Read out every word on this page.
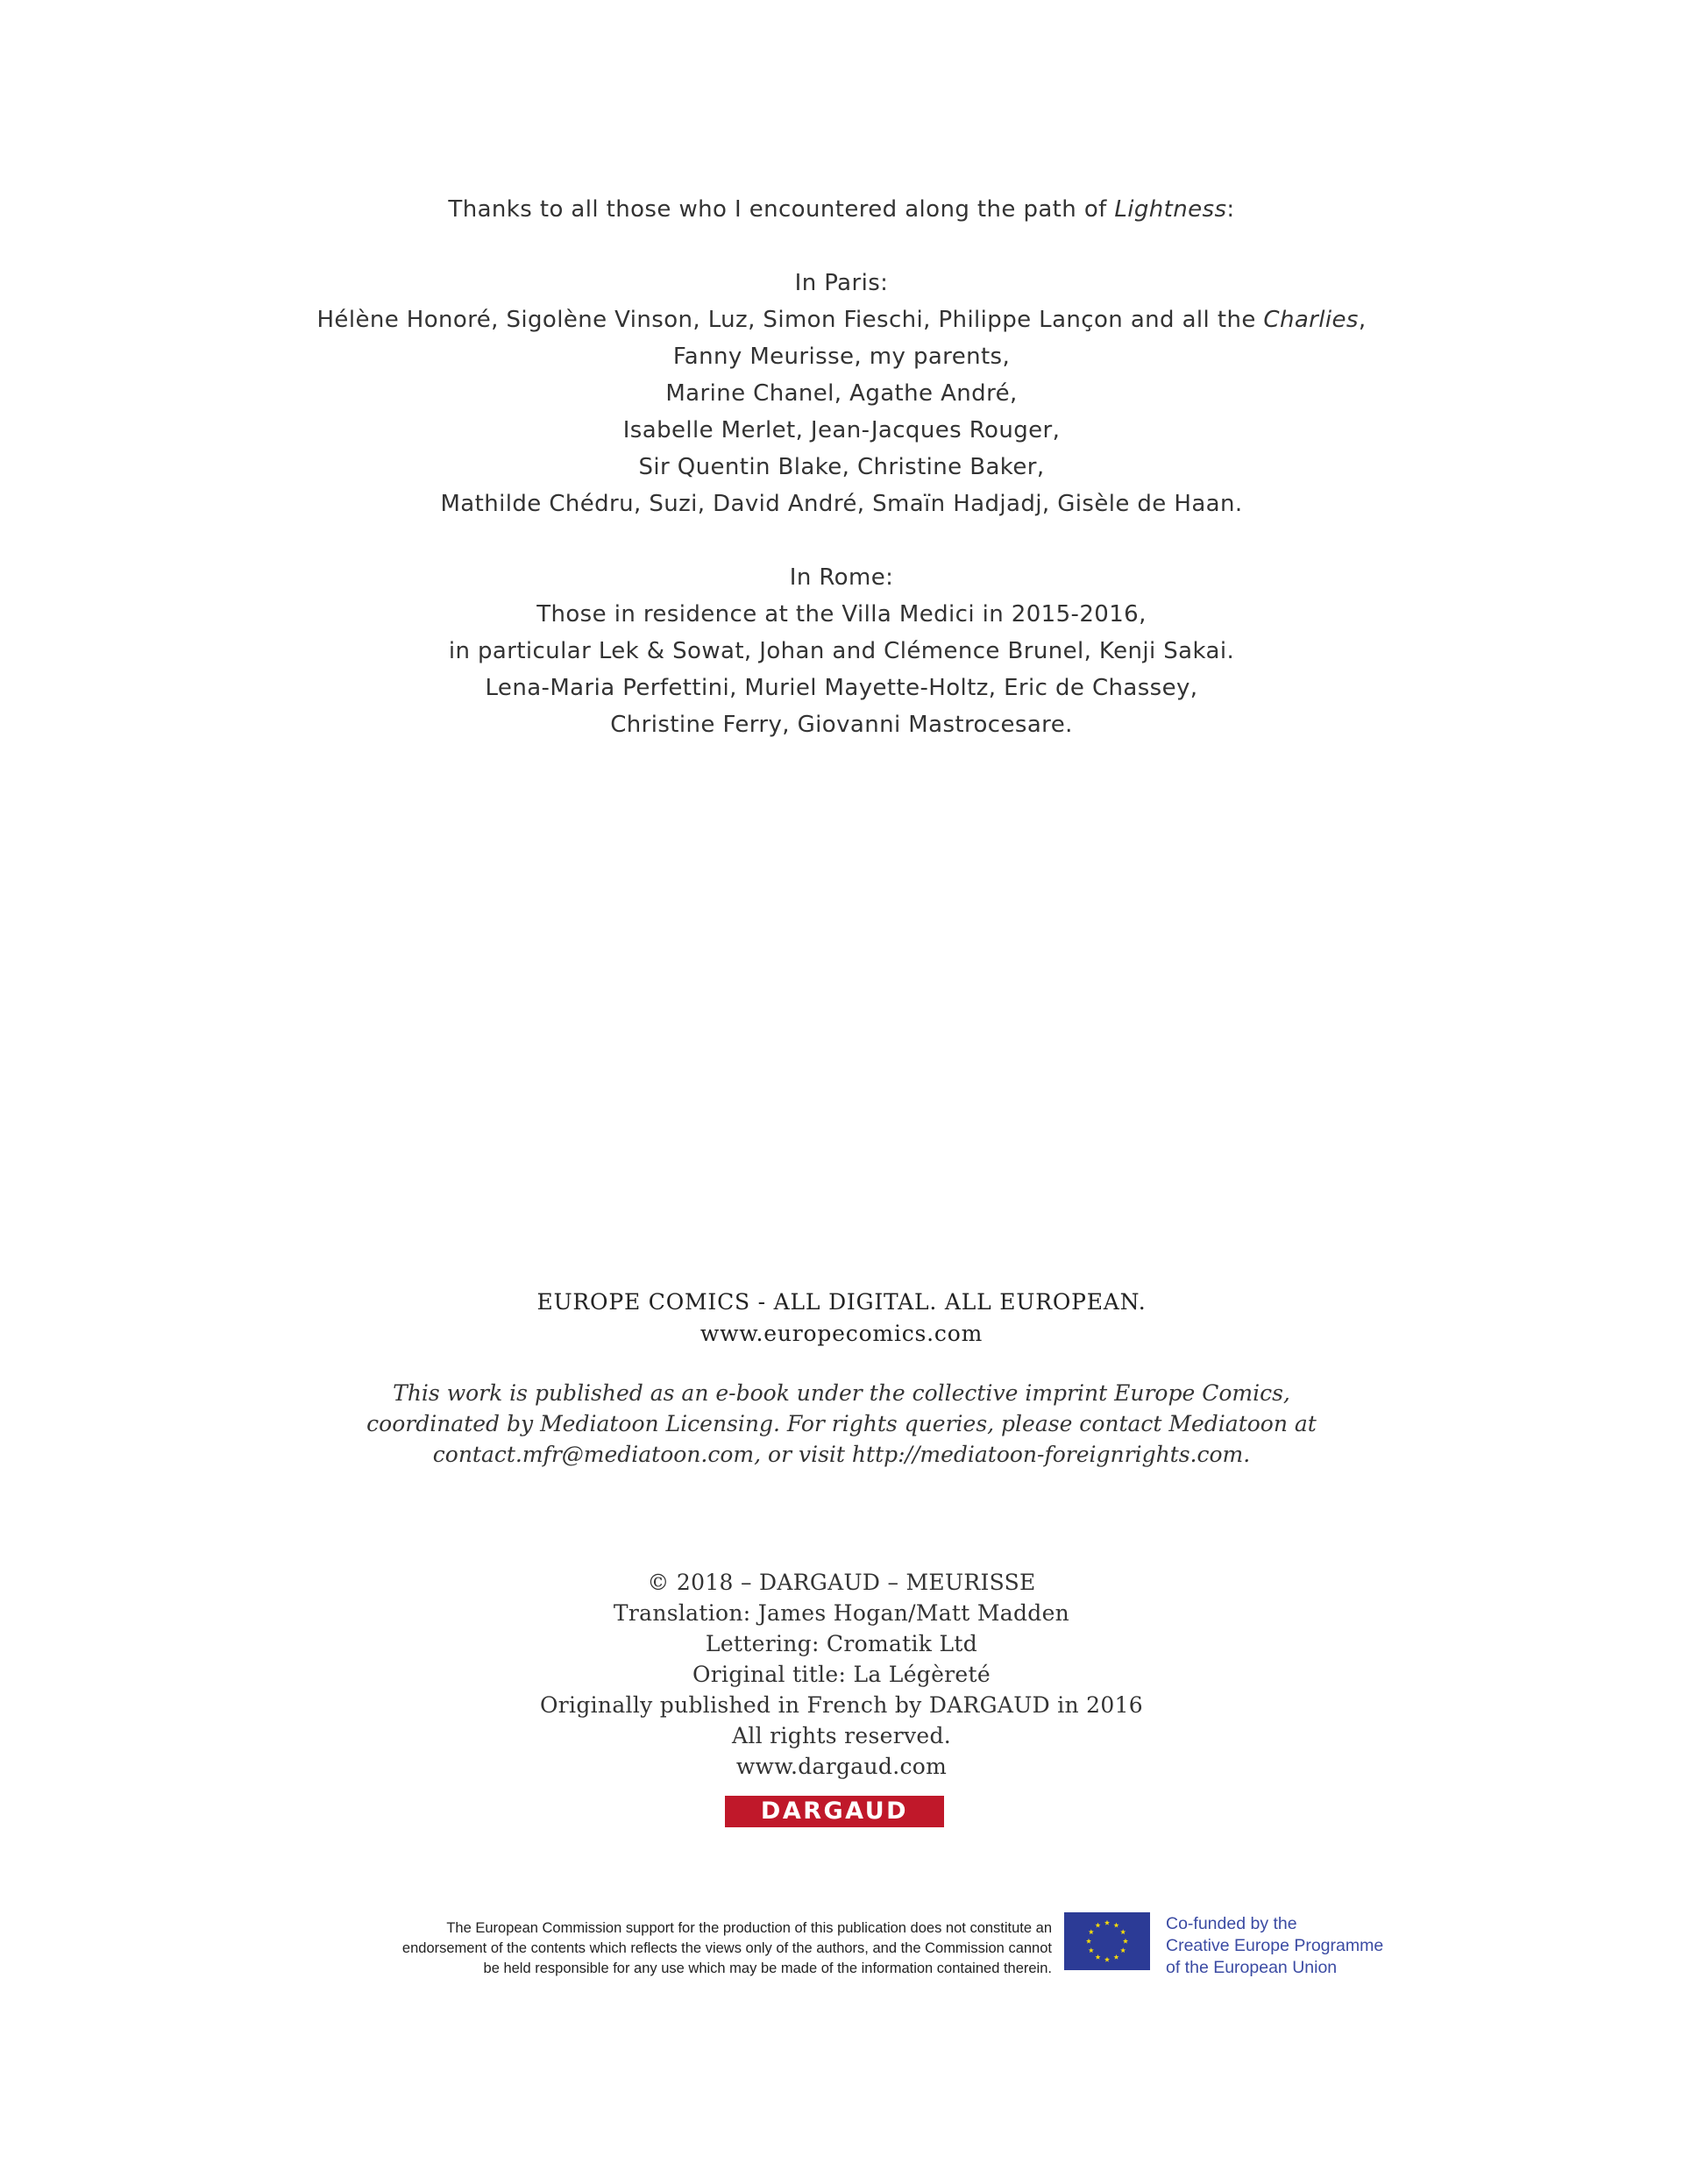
Thanks to all those who I encountered along the path of Lightness:
In Paris:
Hélène Honoré, Sigolène Vinson, Luz, Simon Fieschi, Philippe Lançon and all the Charlies,
Fanny Meurisse, my parents,
Marine Chanel, Agathe André,
Isabelle Merlet, Jean-Jacques Rouger,
Sir Quentin Blake, Christine Baker,
Mathilde Chédru, Suzi, David André, Smaïn Hadjadj, Gisèle de Haan.
In Rome:
Those in residence at the Villa Medici in 2015-2016,
in particular Lek & Sowat, Johan and Clémence Brunel, Kenji Sakai.
Lena-Maria Perfettini, Muriel Mayette-Holtz, Eric de Chassey,
Christine Ferry, Giovanni Mastrocesare.
EUROPE COMICS - ALL DIGITAL. ALL EUROPEAN.
www.europecomics.com
This work is published as an e-book under the collective imprint Europe Comics,
coordinated by Mediatoon Licensing. For rights queries, please contact Mediatoon at
contact.mfr@mediatoon.com, or visit http://mediatoon-foreignrights.com.
© 2018 – DARGAUD – MEURISSE
Translation: James Hogan/Matt Madden
Lettering: Cromatik Ltd
Original title: La Légèreté
Originally published in French by DARGAUD in 2016
All rights reserved.
www.dargaud.com
DARGAUD
The European Commission support for the production of this publication does not constitute an
endorsement of the contents which reflects the views only of the authors, and the Commission cannot
be held responsible for any use which may be made of the information contained therein.
Co-funded by the
Creative Europe Programme
of the European Union
